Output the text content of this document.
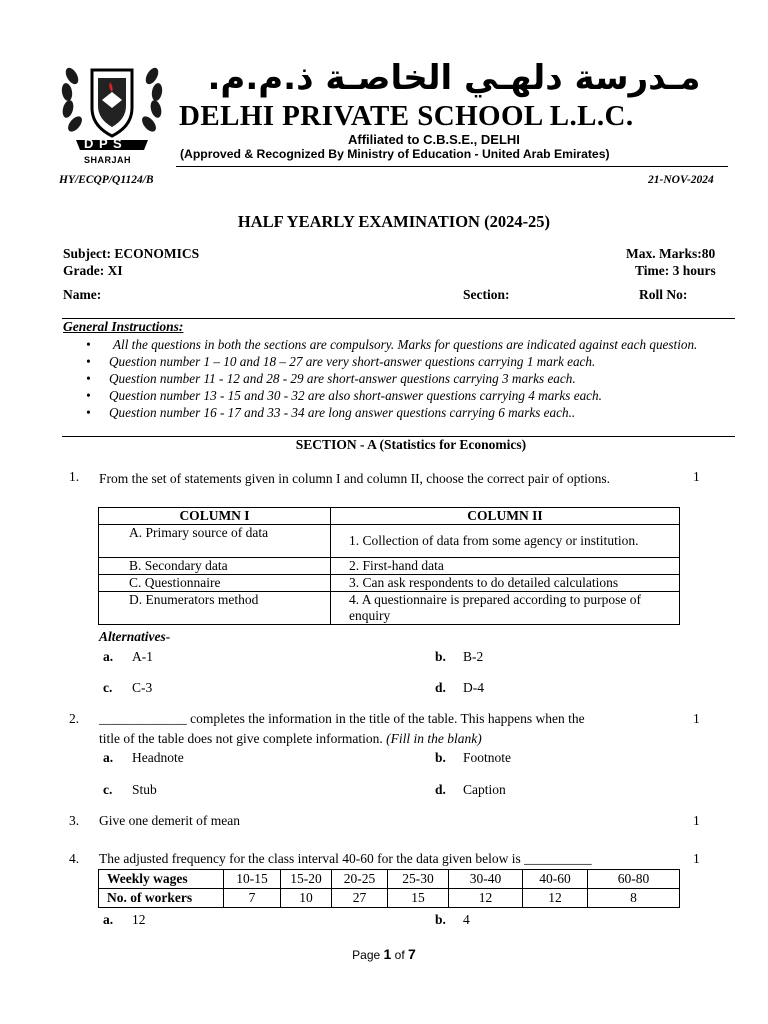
D P S
SHARJAH
مـدرسة دلهـي الخاصـة ذ.م.م.
DELHI PRIVATE SCHOOL L.L.C.
Affiliated to C.B.S.E., DELHI
(Approved & Recognized By Ministry of Education - United Arab Emirates)
HY/ECQP/Q1124/B	21-NOV-2024
HALF YEARLY EXAMINATION (2024-25)
Subject: ECONOMICS
Grade: XI
Max. Marks:80
Time: 3 hours
Name:	Section:	Roll No:
General Instructions:
• All the questions in both the sections are compulsory. Marks for questions are indicated against each question.
• Question number 1 – 10 and 18 – 27 are very short-answer questions carrying 1 mark each.
• Question number 11 - 12 and 28 - 29 are short-answer questions carrying 3 marks each.
• Question number 13 - 15 and 30 - 32 are also short-answer questions carrying 4 marks each.
• Question number 16 - 17 and 33 - 34 are long answer questions carrying 6 marks each..
SECTION - A (Statistics for Economics)
1. From the set of statements given in column I and column II, choose the correct pair of options.	1
COLUMN I	COLUMN II
A. Primary source of data	1. Collection of data from some agency or institution.
B. Secondary data	2. First-hand data
C. Questionnaire	3. Can ask respondents to do detailed calculations
D. Enumerators method	4. A questionnaire is prepared according to purpose of enquiry
Alternatives-
a. A-1	b. B-2
c. C-3	d. D-4
2. _____________ completes the information in the title of the table. This happens when the
title of the table does not give complete information. (Fill in the blank)
1
a. Headnote	b. Footnote
c. Stub	d. Caption
3. Give one demerit of mean	1
4. The adjusted frequency for the class interval 40-60 for the data given below is __________	1
Weekly wages	10-15	15-20	20-25	25-30	30-40	40-60	60-80
No. of workers	7	10	27	15	12	12	8
a. 12	b. 4
Page 1 of 7
